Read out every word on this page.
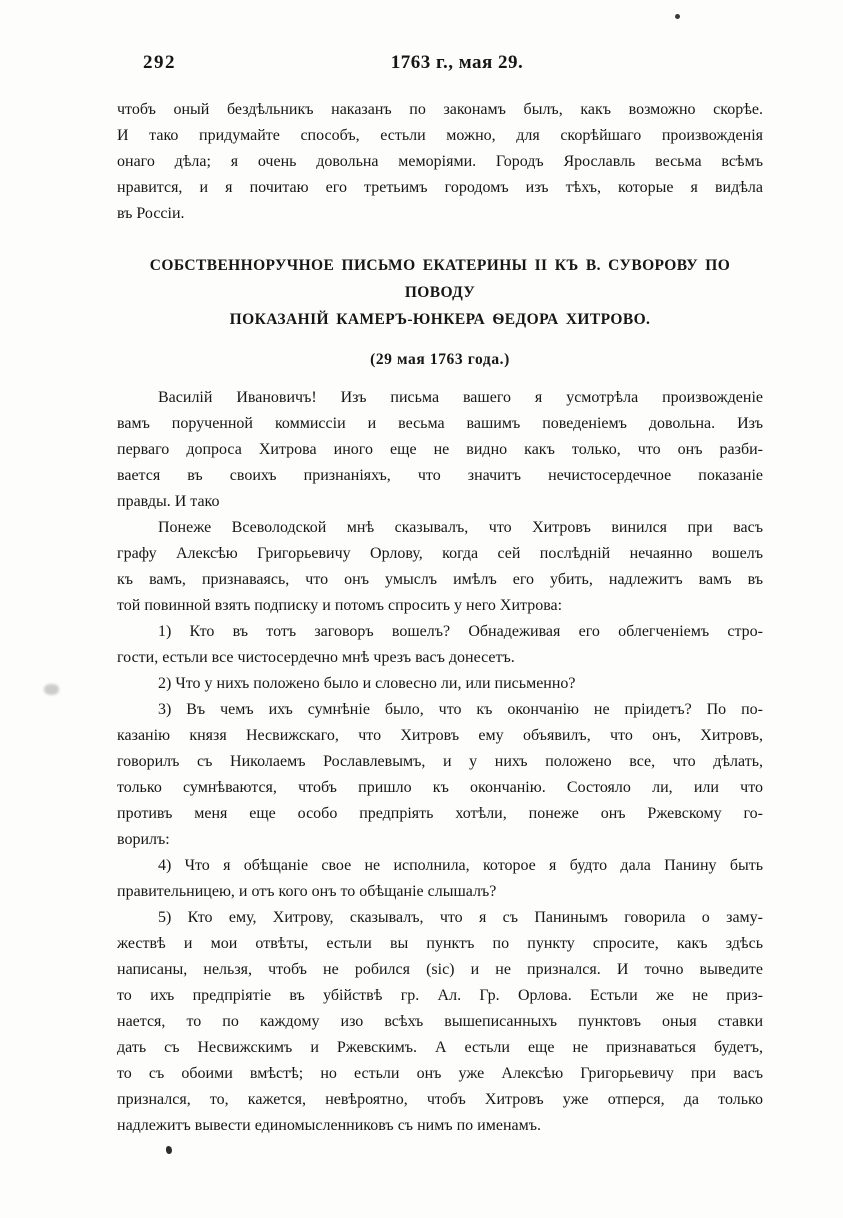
292	1763 г., мая 29.
чтобъ оный бездѣльникъ наказанъ по законамъ былъ, какъ возможно скорѣе.
И тако придумайте способъ, естьли можно, для скорѣйшаго произвожденія
онаго дѣла; я очень довольна меморіями. Городъ Ярославль весьма всѣмъ
нравится, и я почитаю его третьимъ городомъ изъ тѣхъ, которые я видѣла
въ Россіи.
СОБСТВЕННОРУЧНОЕ ПИСЬМО ЕКАТЕРИНЫ II КЪ В. СУВОРОВУ ПО ПОВОДУ
ПОКАЗАНІЙ КАМЕРЪ-ЮНКЕРА ѲЕДОРА ХИТРОВО.
(29 мая 1763 года.)
Василій Ивановичъ! Изъ письма вашего я усмотрѣла произвожденіе
вамъ порученной коммиссіи и весьма вашимъ поведеніемъ довольна. Изъ
перваго допроса Хитрова иного еще не видно какъ только, что онъ разби-
вается въ своихъ признаніяхъ, что значитъ нечистосердечное показаніе
правды. И тако
Понеже Всеволодской мнѣ сказывалъ, что Хитровъ винился при васъ
графу Алексѣю Григорьевичу Орлову, когда сей послѣдній нечаянно вошелъ
къ вамъ, признаваясь, что онъ умыслъ имѣлъ его убить, надлежитъ вамъ въ
той повинной взять подписку и потомъ спросить у него Хитрова:
1) Кто въ тотъ заговоръ вошелъ? Обнадеживая его облегченіемъ стро-
гости, естьли все чистосердечно мнѣ чрезъ васъ донесетъ.
2) Что у нихъ положено было и словесно ли, или письменно?
3) Въ чемъ ихъ сумнѣніе было, что къ окончанію не пріидетъ? По по-
казанію князя Несвижскаго, что Хитровъ ему объявилъ, что онъ, Хитровъ,
говорилъ съ Николаемъ Рославлевымъ, и у нихъ положено все, что дѣлать,
только сумнѣваются, чтобъ пришло къ окончанію. Состояло ли, или что
противъ меня еще особо предпріять хотѣли, понеже онъ Ржевскому го-
ворилъ:
4) Что я обѣщаніе свое не исполнила, которое я будто дала Панину быть
правительницею, и отъ кого онъ то обѣщаніе слышалъ?
5) Кто ему, Хитрову, сказывалъ, что я съ Панинымъ говорила о заму-
жествѣ и мои отвѣты, естьли вы пунктъ по пункту спросите, какъ здѣсь
написаны, нельзя, чтобъ не робился (sic) и не признался. И точно выведите
то ихъ предпріятіе въ убійствѣ гр. Ал. Гр. Орлова. Естьли же не приз-
нается, то по каждому изо всѣхъ вышеписанныхъ пунктовъ оныя ставки
дать съ Несвижскимъ и Ржевскимъ. А естьли еще не признаваться будетъ,
то съ обоими вмѣстѣ; но естьли онъ уже Алексѣю Григорьевичу при васъ
признался, то, кажется, невѣроятно, чтобъ Хитровъ уже отперся, да только
надлежитъ вывести единомысленниковъ съ нимъ по именамъ.
